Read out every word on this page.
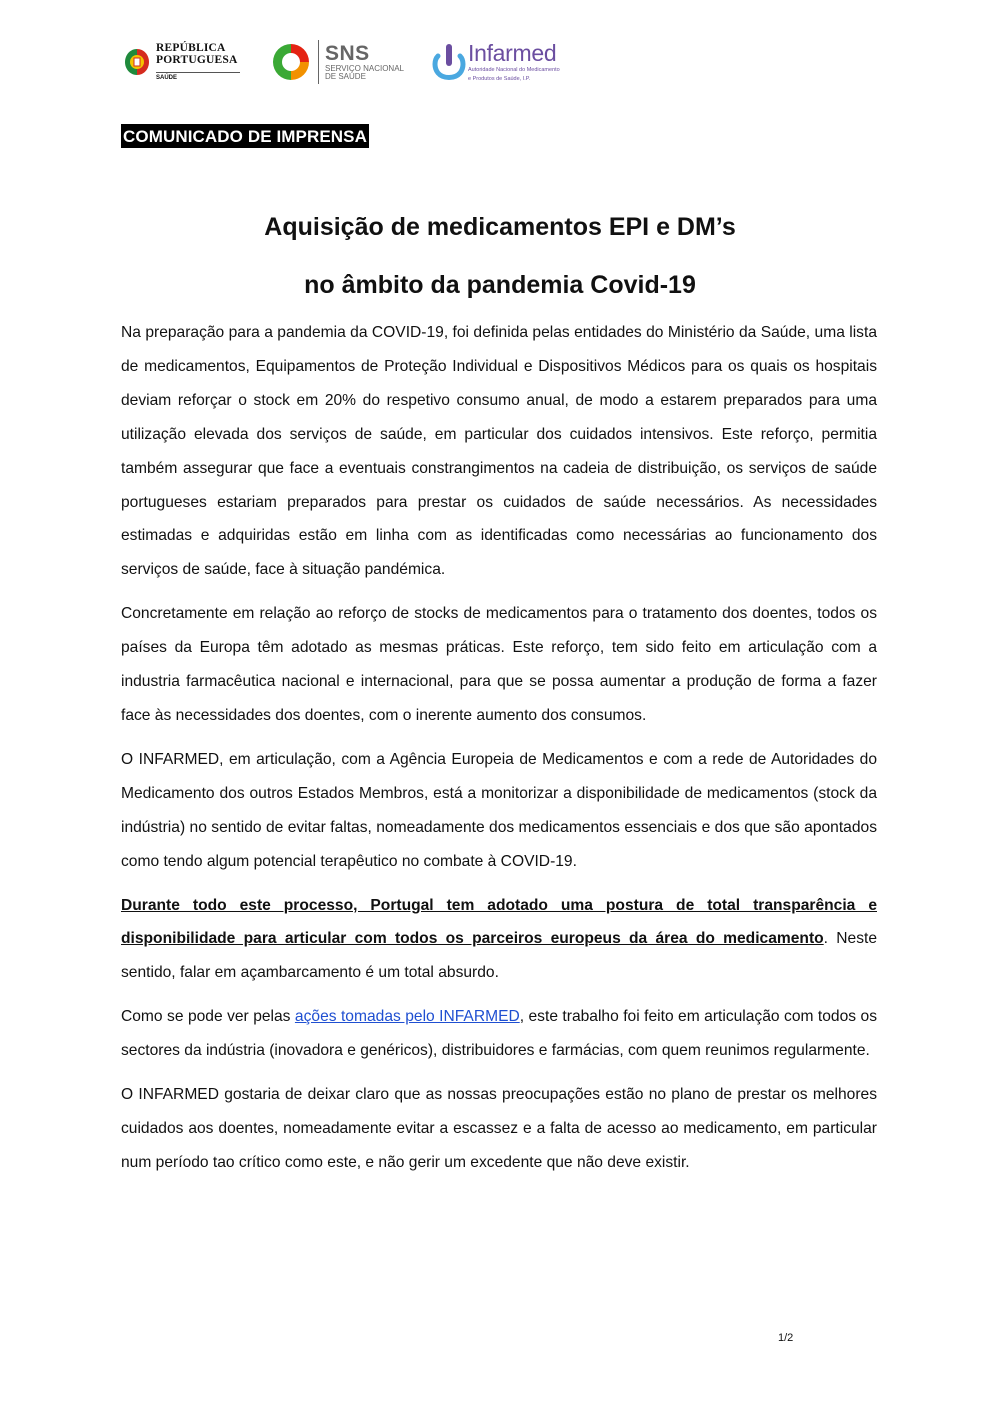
REPÚBLICA
PORTUGUESA
SAÚDE
SNS
SERVIÇO NACIONAL
DE SAÚDE
Infarmed
Autoridade Nacional do Medicamento
e Produtos de Saúde, I.P.
COMUNICADO DE IMPRENSA
Aquisição de medicamentos EPI e DM’s
no âmbito da pandemia Covid-19

Na preparação para a pandemia da COVID-19, foi definida pelas entidades do Ministério da Saúde, uma lista de medicamentos, Equipamentos de Proteção Individual e Dispositivos Médicos para os quais os hospitais deviam reforçar o stock em 20% do respetivo consumo anual, de modo a estarem preparados para uma utilização elevada dos serviços de saúde, em particular dos cuidados intensivos. Este reforço, permitia também assegurar que face a eventuais constrangimentos na cadeia de distribuição, os serviços de saúde portugueses estariam preparados para prestar os cuidados de saúde necessários. As necessidades estimadas e adquiridas estão em linha com as identificadas como necessárias ao funcionamento dos serviços de saúde, face à situação pandémica.

Concretamente em relação ao reforço de stocks de medicamentos para o tratamento dos doentes, todos os países da Europa têm adotado as mesmas práticas. Este reforço, tem sido feito em articulação com a industria farmacêutica nacional e internacional, para que se possa aumentar a produção de forma a fazer face às necessidades dos doentes, com o inerente aumento dos consumos.

O INFARMED, em articulação, com a Agência Europeia de Medicamentos e com a rede de Autoridades do Medicamento dos outros Estados Membros, está a monitorizar a disponibilidade de medicamentos (stock da indústria) no sentido de evitar faltas, nomeadamente dos medicamentos essenciais e dos que são apontados como tendo algum potencial terapêutico no combate à COVID-19.

Durante todo este processo, Portugal tem adotado uma postura de total transparência e disponibilidade para articular com todos os parceiros europeus da área do medicamento. Neste sentido, falar em açambarcamento é um total absurdo.

Como se pode ver pelas ações tomadas pelo INFARMED, este trabalho foi feito em articulação com todos os sectores da indústria (inovadora e genéricos), distribuidores e farmácias, com quem reunimos regularmente.

O INFARMED gostaria de deixar claro que as nossas preocupações estão no plano de prestar os melhores cuidados aos doentes, nomeadamente evitar a escassez e a falta de acesso ao medicamento, em particular num período tao crítico como este, e não gerir um excedente que não deve existir.

1/2
